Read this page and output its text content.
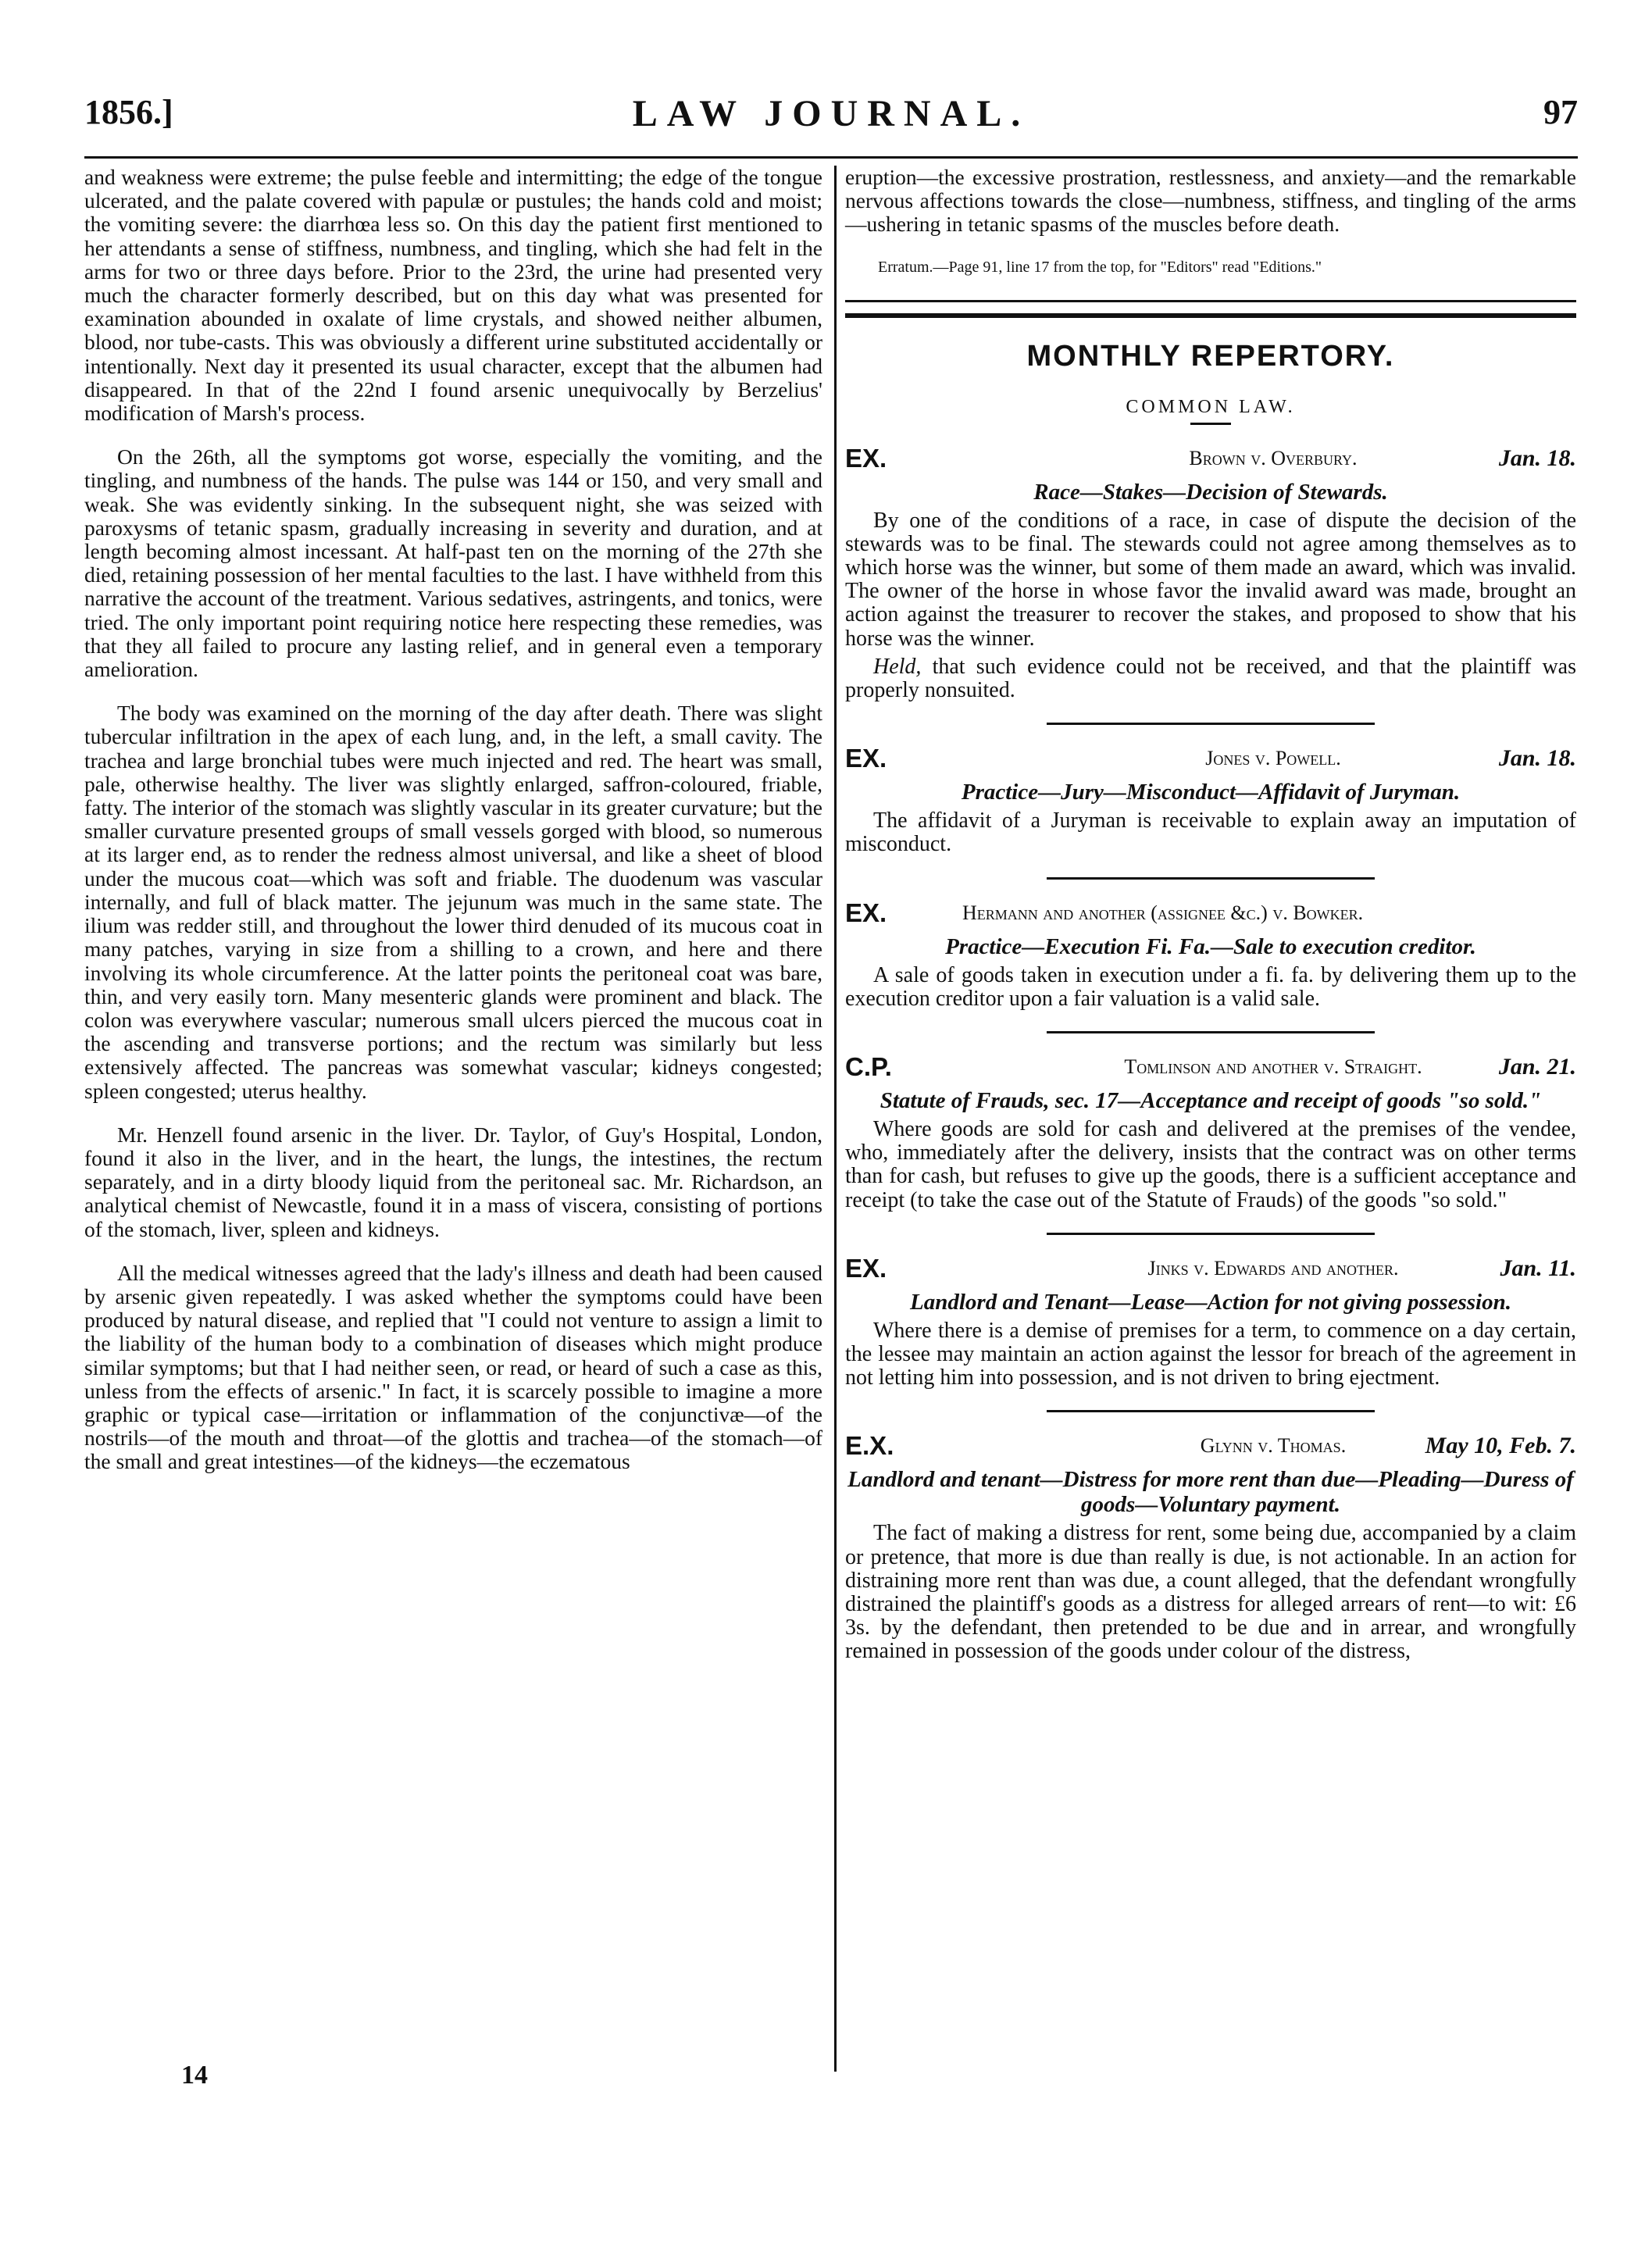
1856.]	LAW JOURNAL.	97

and weakness were extreme; the pulse feeble and intermitting; the edge of the tongue ulcerated, and the palate covered with papulæ or pustules; the hands cold and moist; the vomiting severe: the diarrhœa less so. On this day the patient first mentioned to her attendants a sense of stiffness, numbness, and tingling, which she had felt in the arms for two or three days before. Prior to the 23rd, the urine had presented very much the character formerly described, but on this day what was presented for examination abounded in oxalate of lime crystals, and showed neither albumen, blood, nor tube-casts. This was obviously a different urine substituted accidentally or intentionally. Next day it presented its usual character, except that the albumen had disappeared. In that of the 22nd I found arsenic unequivocally by Berzelius' modification of Marsh's process.

On the 26th, all the symptoms got worse, especially the vomiting, and the tingling, and numbness of the hands. The pulse was 144 or 150, and very small and weak. She was evidently sinking. In the subsequent night, she was seized with paroxysms of tetanic spasm, gradually increasing in severity and duration, and at length becoming almost incessant. At half-past ten on the morning of the 27th she died, retaining possession of her mental faculties to the last. I have withheld from this narrative the account of the treatment. Various sedatives, astringents, and tonics, were tried. The only important point requiring notice here respecting these remedies, was that they all failed to procure any lasting relief, and in general even a temporary amelioration.

The body was examined on the morning of the day after death. There was slight tubercular infiltration in the apex of each lung, and, in the left, a small cavity. The trachea and large bronchial tubes were much injected and red. The heart was small, pale, otherwise healthy. The liver was slightly enlarged, saffron-coloured, friable, fatty. The interior of the stomach was slightly vascular in its greater curvature; but the smaller curvature presented groups of small vessels gorged with blood, so numerous at its larger end, as to render the redness almost universal, and like a sheet of blood under the mucous coat—which was soft and friable. The duodenum was vascular internally, and full of black matter. The jejunum was much in the same state. The ilium was redder still, and throughout the lower third denuded of its mucous coat in many patches, varying in size from a shilling to a crown, and here and there involving its whole circumference. At the latter points the peritoneal coat was bare, thin, and very easily torn. Many mesenteric glands were prominent and black. The colon was everywhere vascular; numerous small ulcers pierced the mucous coat in the ascending and transverse portions; and the rectum was similarly but less extensively affected. The pancreas was somewhat vascular; kidneys congested; spleen congested; uterus healthy.

Mr. Henzell found arsenic in the liver. Dr. Taylor, of Guy's Hospital, London, found it also in the liver, and in the heart, the lungs, the intestines, the rectum separately, and in a dirty bloody liquid from the peritoneal sac. Mr. Richardson, an analytical chemist of Newcastle, found it in a mass of viscera, consisting of portions of the stomach, liver, spleen and kidneys.

All the medical witnesses agreed that the lady's illness and death had been caused by arsenic given repeatedly. I was asked whether the symptoms could have been produced by natural disease, and replied that "I could not venture to assign a limit to the liability of the human body to a combination of diseases which might produce similar symptoms; but that I had neither seen, or read, or heard of such a case as this, unless from the effects of arsenic." In fact, it is scarcely possible to imagine a more graphic or typical case—irritation or inflammation of the conjunctivæ—of the nostrils—of the mouth and throat—of the glottis and trachea—of the stomach—of the small and great intestines—of the kidneys—the eczematous

eruption—the excessive prostration, restlessness, and anxiety—and the remarkable nervous affections towards the close—numbness, stiffness, and tingling of the arms—ushering in tetanic spasms of the muscles before death.

Erratum.—Page 91, line 17 from the top, for "Editors" read "Editions."
MONTHLY REPERTORY.
COMMON LAW.
EX.	Brown v. Overbury.	Jan. 18.
Race—Stakes—Decision of Stewards.

By one of the conditions of a race, in case of dispute the decision of the stewards was to be final. The stewards could not agree among themselves as to which horse was the winner, but some of them made an award, which was invalid. The owner of the horse in whose favor the invalid award was made, brought an action against the treasurer to recover the stakes, and proposed to show that his horse was the winner.

Held, that such evidence could not be received, and that the plaintiff was properly nonsuited.

EX.	Jones v. Powell.	Jan. 18.
Practice—Jury—Misconduct—Affidavit of Juryman.

The affidavit of a Juryman is receivable to explain away an imputation of misconduct.

EX.	Hermann and another (assignee &c.) v. Bowker.
Practice—Execution Fi. Fa.—Sale to execution creditor.

A sale of goods taken in execution under a fi. fa. by delivering them up to the execution creditor upon a fair valuation is a valid sale.

C.P.	Tomlinson and another v. Straight.	Jan. 21.
Statute of Frauds, sec. 17—Acceptance and receipt of goods "so sold."

Where goods are sold for cash and delivered at the premises of the vendee, who, immediately after the delivery, insists that the contract was on other terms than for cash, but refuses to give up the goods, there is a sufficient acceptance and receipt (to take the case out of the Statute of Frauds) of the goods "so sold."

EX.	Jinks v. Edwards and another.	Jan. 11.
Landlord and Tenant—Lease—Action for not giving possession.

Where there is a demise of premises for a term, to commence on a day certain, the lessee may maintain an action against the lessor for breach of the agreement in not letting him into possession, and is not driven to bring ejectment.

E.X.	Glynn v. Thomas.	May 10, Feb. 7.
Landlord and tenant—Distress for more rent than due—Pleading—Duress of goods—Voluntary payment.

The fact of making a distress for rent, some being due, accompanied by a claim or pretence, that more is due than really is due, is not actionable. In an action for distraining more rent than was due, a count alleged, that the defendant wrongfully distrained the plaintiff's goods as a distress for alleged arrears of rent—to wit: £6 3s. by the defendant, then pretended to be due and in arrear, and wrongfully remained in possession of the goods under colour of the distress,

14
